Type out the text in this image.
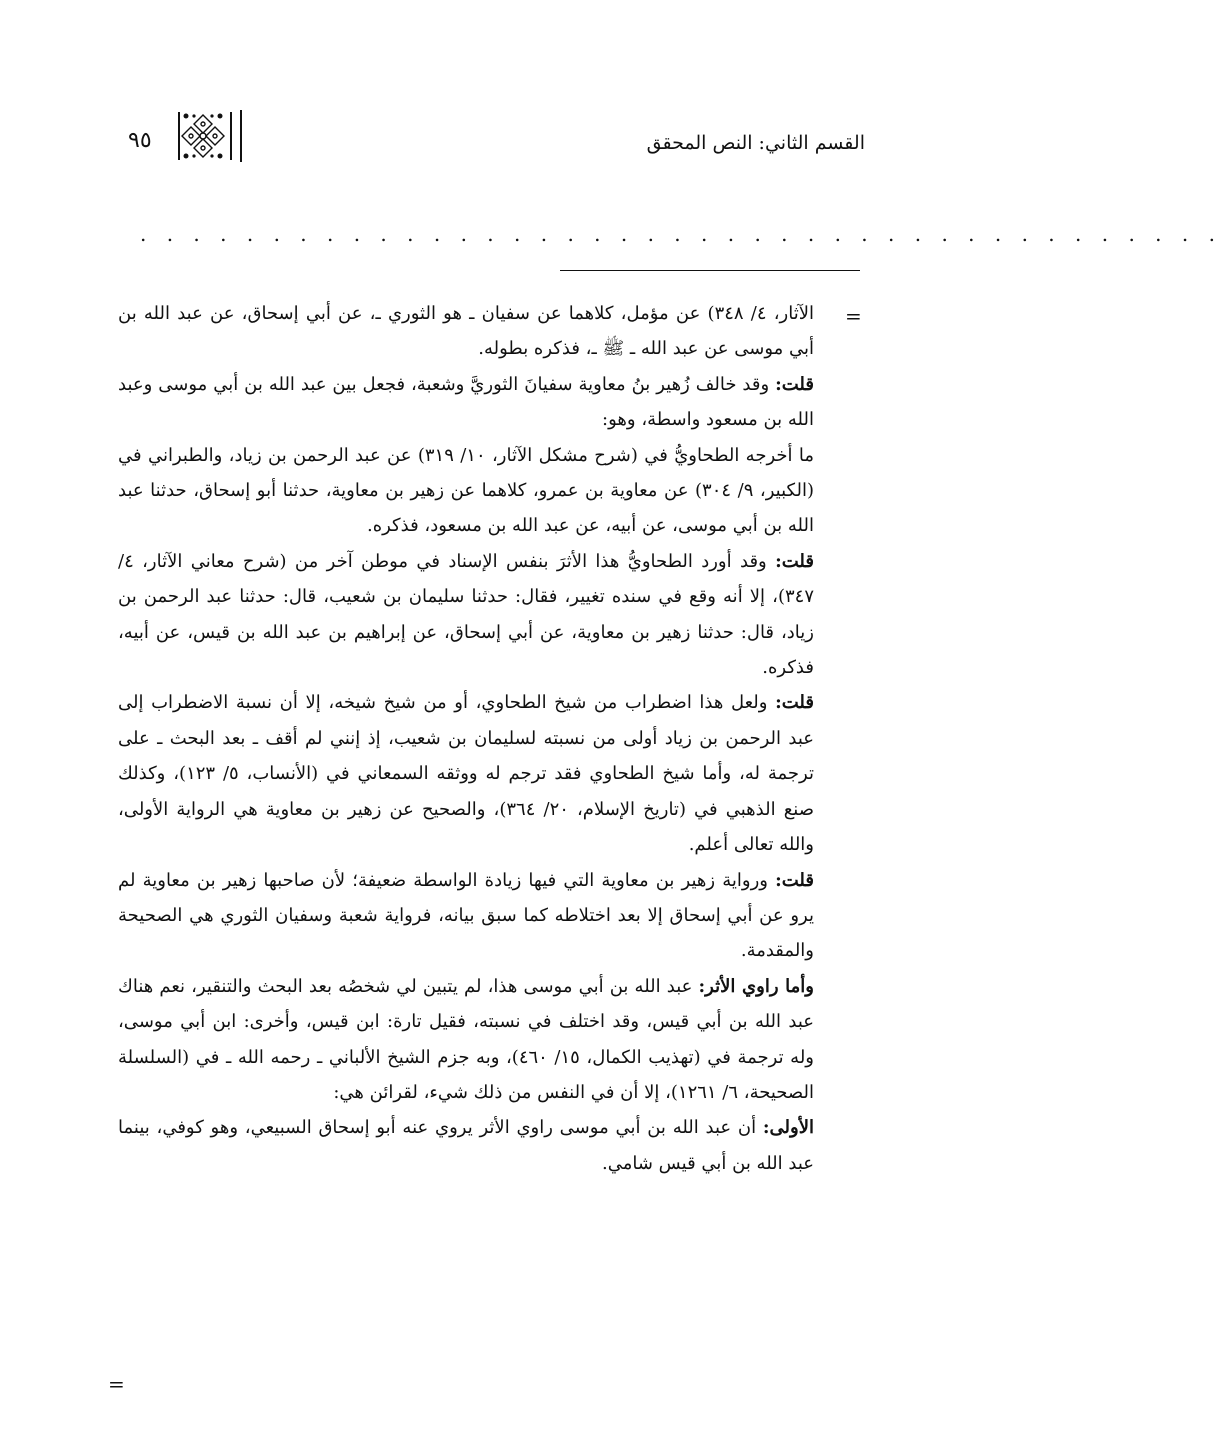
القسم الثاني: النص المحقق
٩٥
. . . . . . . . . . . . . . . . . . . . . . . . . . . . . . . . . . . . . . . . .
=

الآثار، ٤/ ٣٤٨) عن مؤمل، كلاهما عن سفيان ـ هو الثوري ـ، عن أبي إسحاق، عن عبد الله بن أبي موسى عن عبد الله ـ ﷺ ـ، فذكره بطوله.

قلت: وقد خالف زُهير بنُ معاوية سفيانَ الثوريَّ وشعبة، فجعل بين عبد الله بن أبي موسى وعبد الله بن مسعود واسطة، وهو:

ما أخرجه الطحاويُّ في (شرح مشكل الآثار، ١٠/ ٣١٩) عن عبد الرحمن بن زياد، والطبراني في (الكبير، ٩/ ٣٠٤) عن معاوية بن عمرو، كلاهما عن زهير بن معاوية، حدثنا أبو إسحاق، حدثنا عبد الله بن أبي موسى، عن أبيه، عن عبد الله بن مسعود، فذكره.

قلت: وقد أورد الطحاويُّ هذا الأثرَ بنفس الإسناد في موطن آخر من (شرح معاني الآثار، ٤/ ٣٤٧)، إلا أنه وقع في سنده تغيير، فقال: حدثنا سليمان بن شعيب، قال: حدثنا عبد الرحمن بن زياد، قال: حدثنا زهير بن معاوية، عن أبي إسحاق، عن إبراهيم بن عبد الله بن قيس، عن أبيه، فذكره.

قلت: ولعل هذا اضطراب من شيخ الطحاوي، أو من شيخ شيخه، إلا أن نسبة الاضطراب إلى عبد الرحمن بن زياد أولى من نسبته لسليمان بن شعيب، إذ إنني لم أقف ـ بعد البحث ـ على ترجمة له، وأما شيخ الطحاوي فقد ترجم له ووثقه السمعاني في (الأنساب، ٥/ ١٢٣)، وكذلك صنع الذهبي في (تاريخ الإسلام، ٢٠/ ٣٦٤)، والصحيح عن زهير بن معاوية هي الرواية الأولى، والله تعالى أعلم.

قلت: ورواية زهير بن معاوية التي فيها زيادة الواسطة ضعيفة؛ لأن صاحبها زهير بن معاوية لم يرو عن أبي إسحاق إلا بعد اختلاطه كما سبق بيانه، فرواية شعبة وسفيان الثوري هي الصحيحة والمقدمة.

وأما راوي الأثر: عبد الله بن أبي موسى هذا، لم يتبين لي شخصُه بعد البحث والتنقير، نعم هناك عبد الله بن أبي قيس، وقد اختلف في نسبته، فقيل تارة: ابن قيس، وأخرى: ابن أبي موسى، وله ترجمة في (تهذيب الكمال، ١٥/ ٤٦٠)، وبه جزم الشيخ الألباني ـ رحمه الله ـ في (السلسلة الصحيحة، ٦/ ١٢٦١)، إلا أن في النفس من ذلك شيء، لقرائن هي:

الأولى: أن عبد الله بن أبي موسى راوي الأثر يروي عنه أبو إسحاق السبيعي، وهو كوفي، بينما عبد الله بن أبي قيس شامي.

=
